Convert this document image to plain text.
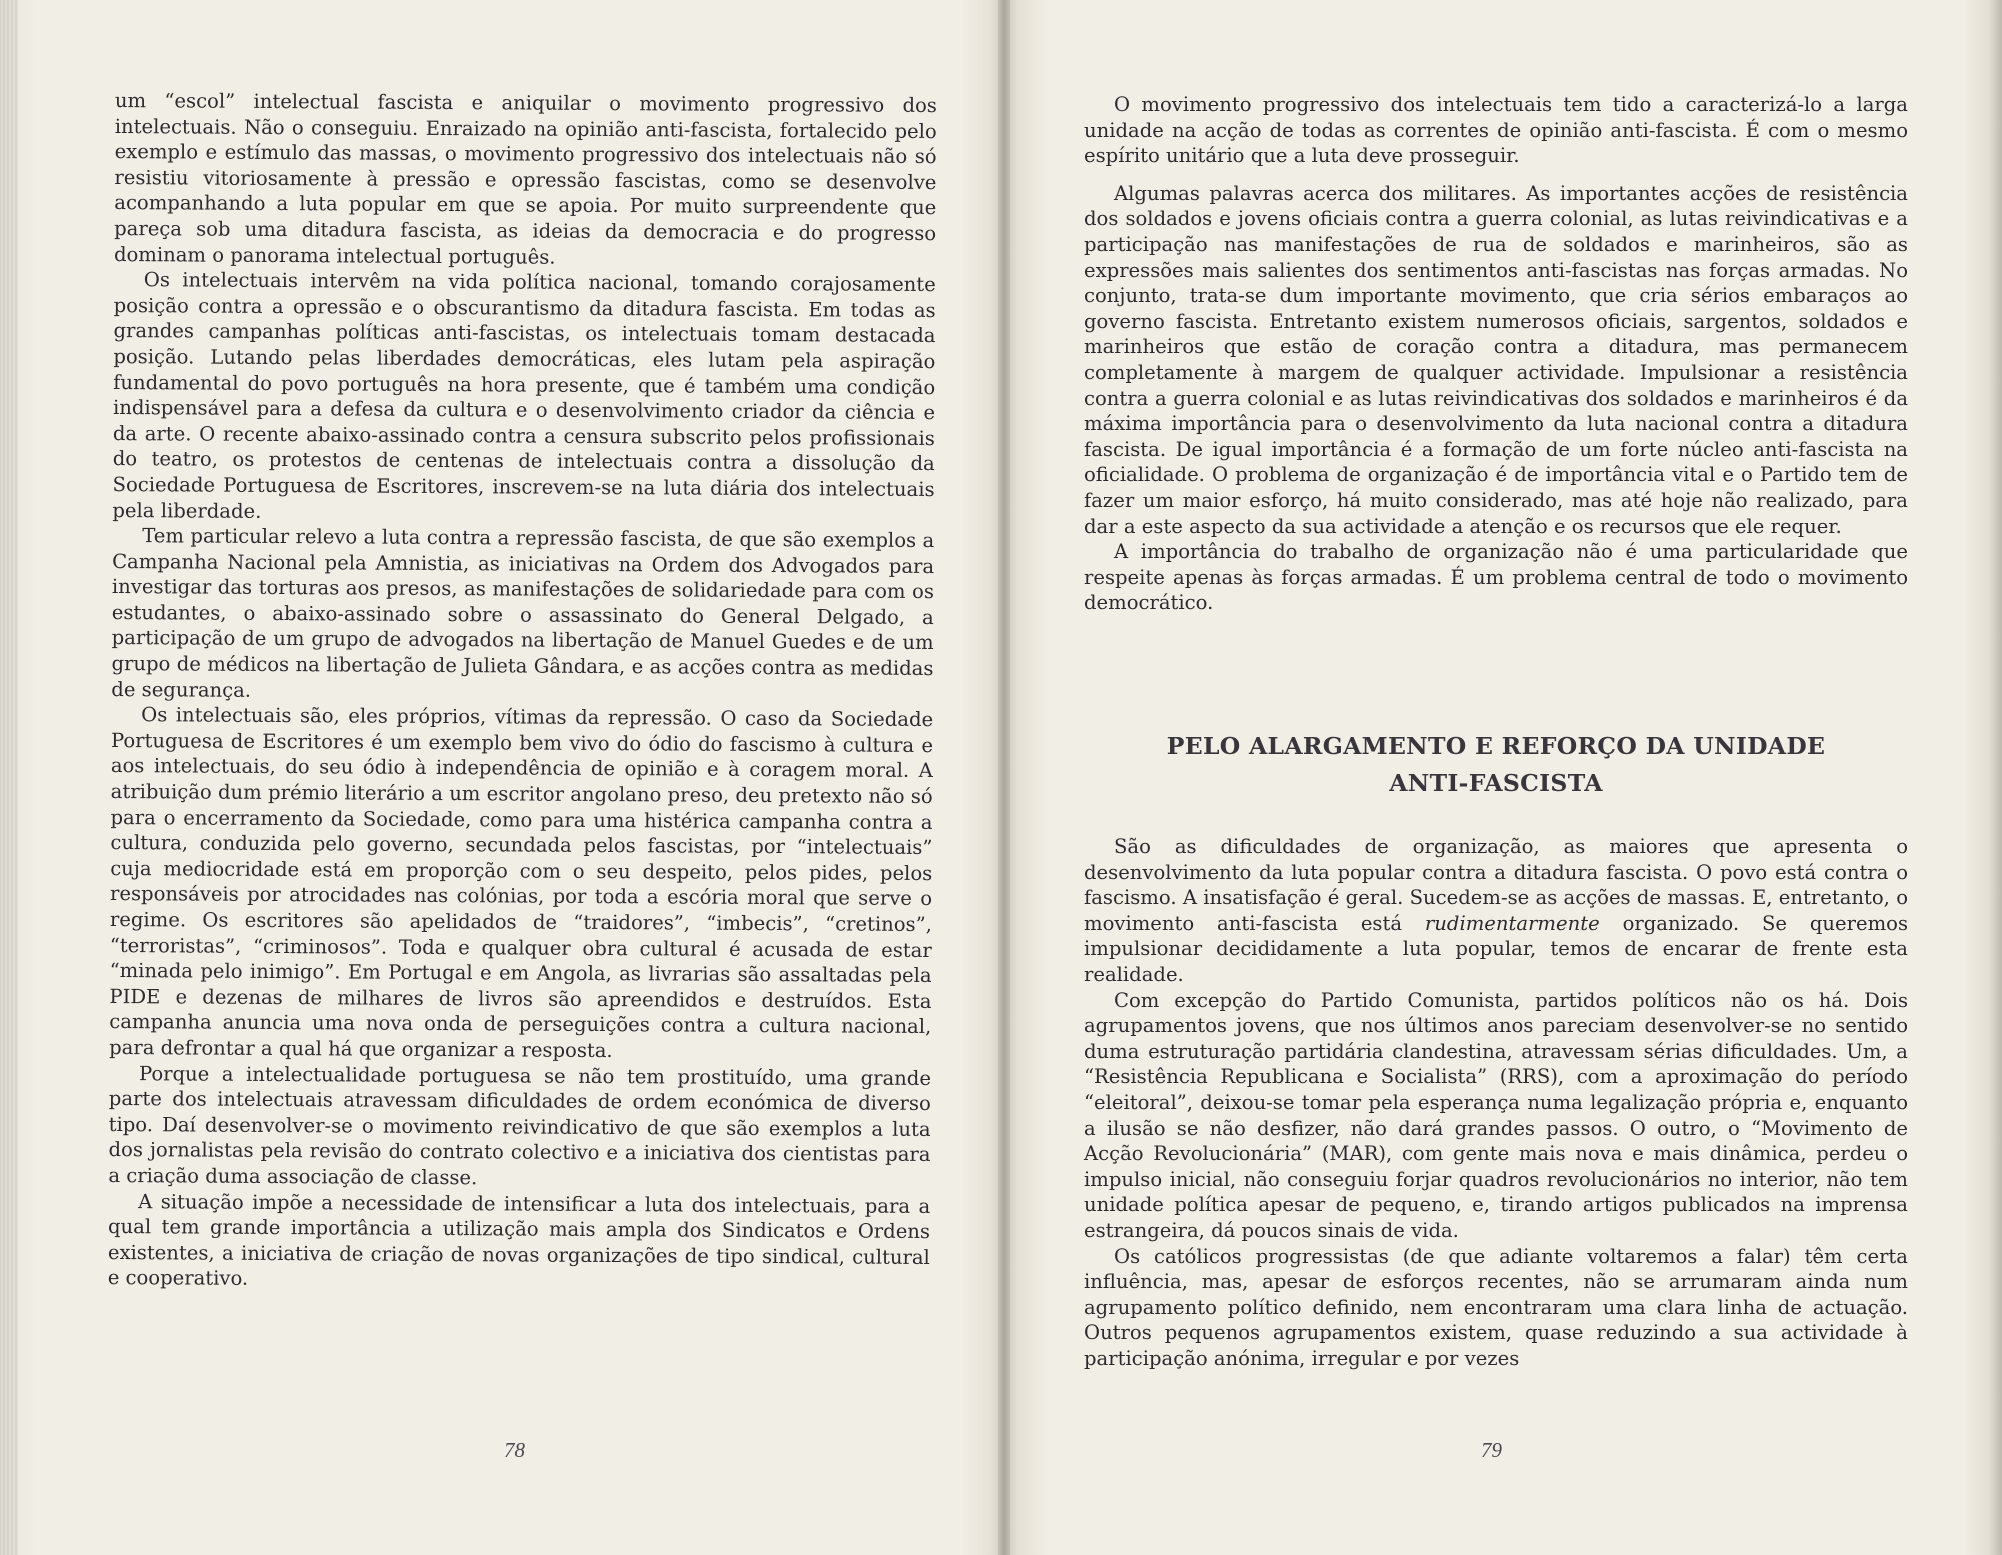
um “escol” intelectual fascista e aniquilar o movimento progressivo dos intelectuais. Não o conseguiu. Enraizado na opinião anti-fascista, fortalecido pelo exemplo e estímulo das massas, o movimento progressivo dos intelectuais não só resistiu vitoriosamente à pressão e opressão fascistas, como se desenvolve acompanhando a luta popular em que se apoia. Por muito surpreendente que pareça sob uma ditadura fascista, as ideias da democracia e do progresso dominam o panorama intelectual português.

Os intelectuais intervêm na vida política nacional, tomando corajosamente posição contra a opressão e o obscurantismo da ditadura fascista. Em todas as grandes campanhas políticas anti-fascistas, os intelectuais tomam destacada posição. Lutando pelas liberdades democráticas, eles lutam pela aspiração fundamental do povo português na hora presente, que é também uma condição indispensável para a defesa da cultura e o desenvolvimento criador da ciência e da arte. O recente abaixo-assinado contra a censura subscrito pelos profissionais do teatro, os protestos de centenas de intelectuais contra a dissolução da Sociedade Portuguesa de Escritores, inscrevem-se na luta diária dos intelectuais pela liberdade.

Tem particular relevo a luta contra a repressão fascista, de que são exemplos a Campanha Nacional pela Amnistia, as iniciativas na Ordem dos Advogados para investigar das torturas aos presos, as manifestações de solidariedade para com os estudantes, o abaixo-assinado sobre o assassinato do General Delgado, a participação de um grupo de advogados na libertação de Manuel Guedes e de um grupo de médicos na libertação de Julieta Gândara, e as acções contra as medidas de segurança.

Os intelectuais são, eles próprios, vítimas da repressão. O caso da Sociedade Portuguesa de Escritores é um exemplo bem vivo do ódio do fascismo à cultura e aos intelectuais, do seu ódio à independência de opinião e à coragem moral. A atribuição dum prémio literário a um escritor angolano preso, deu pretexto não só para o encerramento da Sociedade, como para uma histérica campanha contra a cultura, conduzida pelo governo, secundada pelos fascistas, por “intelectuais” cuja mediocridade está em proporção com o seu despeito, pelos pides, pelos responsáveis por atrocidades nas colónias, por toda a escória moral que serve o regime. Os escritores são apelidados de “traidores”, “imbecis”, “cretinos”, “terroristas”, “criminosos”. Toda e qualquer obra cultural é acusada de estar “minada pelo inimigo”. Em Portugal e em Angola, as livrarias são assaltadas pela PIDE e dezenas de milhares de livros são apreendidos e destruídos. Esta campanha anuncia uma nova onda de perseguições contra a cultura nacional, para defrontar a qual há que organizar a resposta.

Porque a intelectualidade portuguesa se não tem prostituído, uma grande parte dos intelectuais atravessam dificuldades de ordem económica de diverso tipo. Daí desenvolver-se o movimento reivindicativo de que são exemplos a luta dos jornalistas pela revisão do contrato colectivo e a iniciativa dos cientistas para a criação duma associação de classe.

A situação impõe a necessidade de intensificar a luta dos intelectuais, para a qual tem grande importância a utilização mais ampla dos Sindicatos e Ordens existentes, a iniciativa de criação de novas organizações de tipo sindical, cultural e cooperativo.

78

O movimento progressivo dos intelectuais tem tido a caracterizá-lo a larga unidade na acção de todas as correntes de opinião anti-fascista. É com o mesmo espírito unitário que a luta deve prosseguir.

Algumas palavras acerca dos militares. As importantes acções de resistência dos soldados e jovens oficiais contra a guerra colonial, as lutas reivindicativas e a participação nas manifestações de rua de soldados e marinheiros, são as expressões mais salientes dos sentimentos anti-fascistas nas forças armadas. No conjunto, trata-se dum importante movimento, que cria sérios embaraços ao governo fascista. Entretanto existem numerosos oficiais, sargentos, soldados e marinheiros que estão de coração contra a ditadura, mas permanecem completamente à margem de qualquer actividade. Impulsionar a resistência contra a guerra colonial e as lutas reivindicativas dos soldados e marinheiros é da máxima importância para o desenvolvimento da luta nacional contra a ditadura fascista. De igual importância é a formação de um forte núcleo anti-fascista na oficialidade. O problema de organização é de importância vital e o Partido tem de fazer um maior esforço, há muito considerado, mas até hoje não realizado, para dar a este aspecto da sua actividade a atenção e os recursos que ele requer.

A importância do trabalho de organização não é uma particularidade que respeite apenas às forças armadas. É um problema central de todo o movimento democrático.

PELO ALARGAMENTO E REFORÇO DA UNIDADE
ANTI-FASCISTA

São as dificuldades de organização, as maiores que apresenta o desenvolvimento da luta popular contra a ditadura fascista. O povo está contra o fascismo. A insatisfação é geral. Sucedem-se as acções de massas. E, entretanto, o movimento anti-fascista está rudimentarmente organizado. Se queremos impulsionar decididamente a luta popular, temos de encarar de frente esta realidade.

Com excepção do Partido Comunista, partidos políticos não os há. Dois agrupamentos jovens, que nos últimos anos pareciam desenvolver-se no sentido duma estruturação partidária clandestina, atravessam sérias dificuldades. Um, a “Resistência Republicana e Socialista” (RRS), com a aproximação do período “eleitoral”, deixou-se tomar pela esperança numa legalização própria e, enquanto a ilusão se não desfizer, não dará grandes passos. O outro, o “Movimento de Acção Revolucionária” (MAR), com gente mais nova e mais dinâmica, perdeu o impulso inicial, não conseguiu forjar quadros revolucionários no interior, não tem unidade política apesar de pequeno, e, tirando artigos publicados na imprensa estrangeira, dá poucos sinais de vida.

Os católicos progressistas (de que adiante voltaremos a falar) têm certa influência, mas, apesar de esforços recentes, não se arrumaram ainda num agrupamento político definido, nem encontraram uma clara linha de actuação. Outros pequenos agrupamentos existem, quase reduzindo a sua actividade à participação anónima, irregular e por vezes

79
